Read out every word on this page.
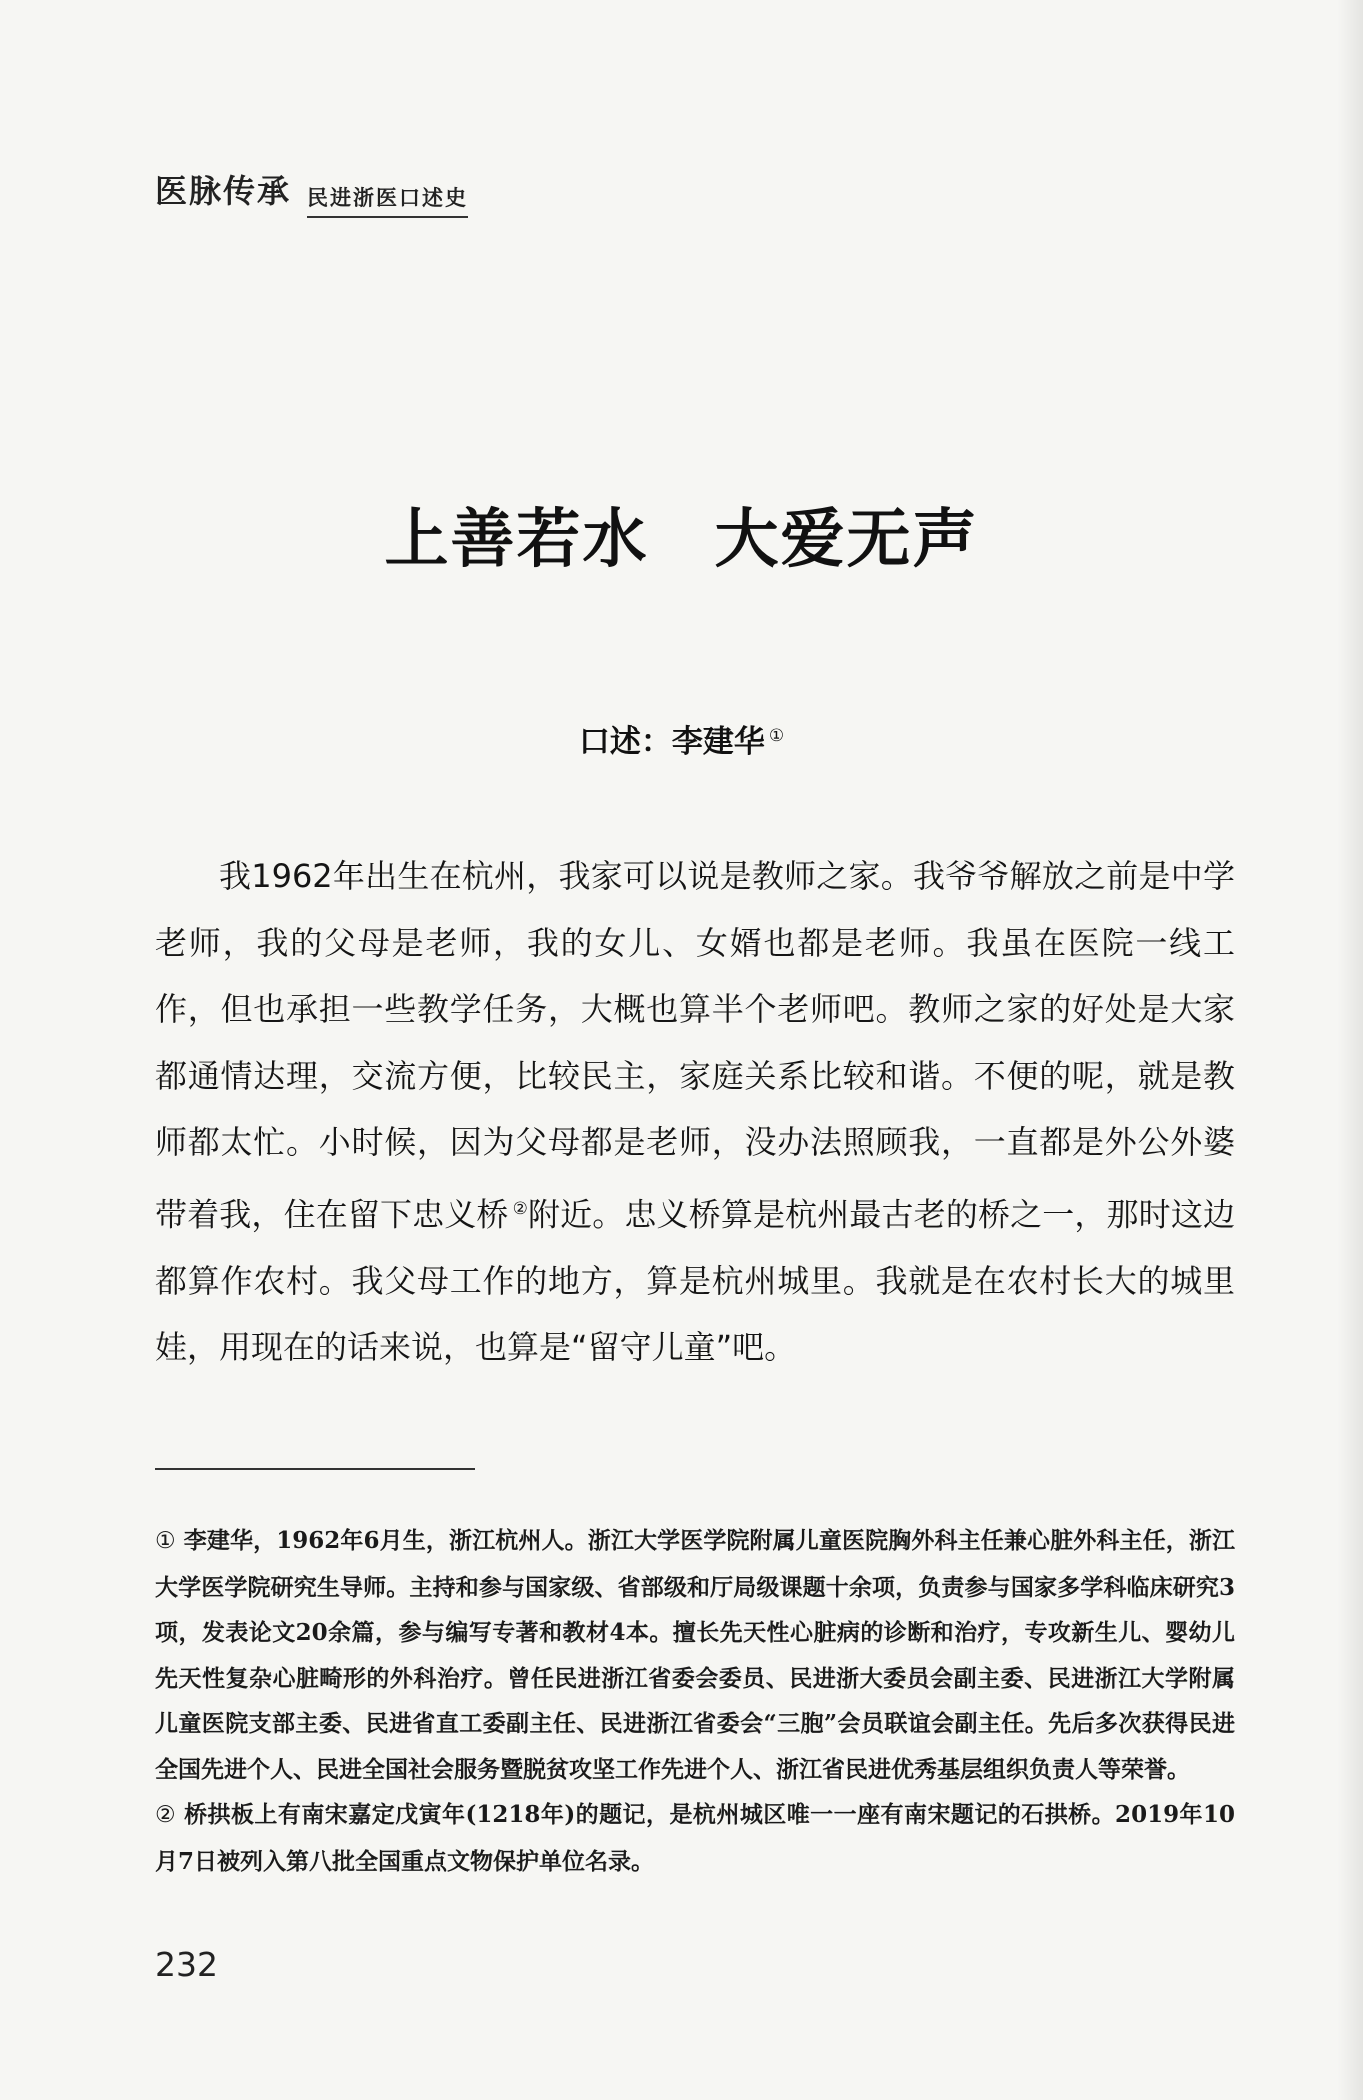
医脉传承 民进浙医口述史
上善若水　大爱无声
口述：李建华 ①

我1962年出生在杭州，我家可以说是教师之家。我爷爷解放之前是中学老师，我的父母是老师，我的女儿、女婿也都是老师。我虽在医院一线工作，但也承担一些教学任务，大概也算半个老师吧。教师之家的好处是大家都通情达理，交流方便，比较民主，家庭关系比较和谐。不便的呢，就是教师都太忙。小时候，因为父母都是老师，没办法照顾我，一直都是外公外婆带着我，住在留下忠义桥 ②附近。忠义桥算是杭州最古老的桥之一，那时这边都算作农村。我父母工作的地方，算是杭州城里。我就是在农村长大的城里娃，用现在的话来说，也算是“留守儿童”吧。

① 李建华，1962年6月生，浙江杭州人。浙江大学医学院附属儿童医院胸外科主任兼心脏外科主任，浙江大学医学院研究生导师。主持和参与国家级、省部级和厅局级课题十余项，负责参与国家多学科临床研究3项，发表论文20余篇，参与编写专著和教材4本。擅长先天性心脏病的诊断和治疗，专攻新生儿、婴幼儿先天性复杂心脏畸形的外科治疗。曾任民进浙江省委会委员、民进浙大委员会副主委、民进浙江大学附属儿童医院支部主委、民进省直工委副主任、民进浙江省委会“三胞”会员联谊会副主任。先后多次获得民进全国先进个人、民进全国社会服务暨脱贫攻坚工作先进个人、浙江省民进优秀基层组织负责人等荣誉。

② 桥拱板上有南宋嘉定戊寅年(1218年)的题记，是杭州城区唯一一座有南宋题记的石拱桥。2019年10月7日被列入第八批全国重点文物保护单位名录。

232
